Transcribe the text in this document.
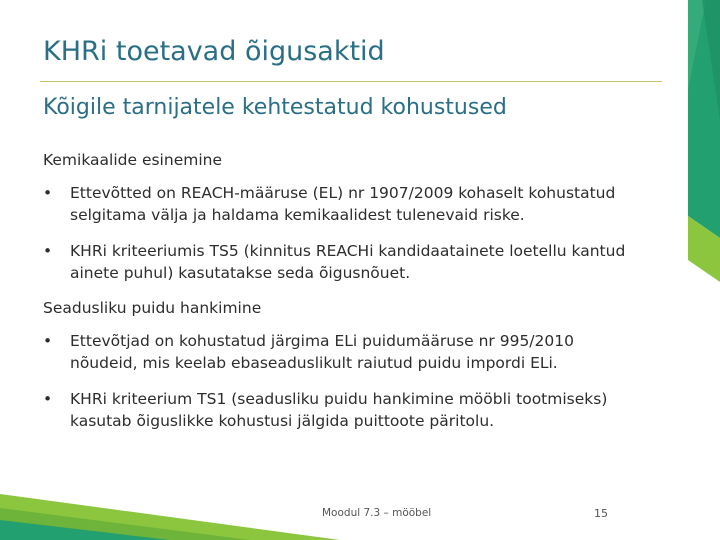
KHRi toetavad õigusaktid
Kõigile tarnijatele kehtestatud kohustused
Kemikaalide esinemine
•	Ettevõtted on REACH-määruse (EL) nr 1907/2009 kohaselt kohustatud selgitama välja ja haldama kemikaalidest tulenevaid riske.
•	KHRi kriteeriumis TS5 (kinnitus REACHi kandidaatainete loetellu kantud ainete puhul) kasutatakse seda õigusnõuet.
Seadusliku puidu hankimine
•	Ettevõtjad on kohustatud järgima ELi puidumääruse nr 995/2010 nõudeid, mis keelab ebaseaduslikult raiutud puidu impordi ELi.
•	KHRi kriteerium TS1 (seadusliku puidu hankimine mööbli tootmiseks) kasutab õiguslikke kohustusi jälgida puittoote päritolu.
Moodul 7.3 – mööbel	15
